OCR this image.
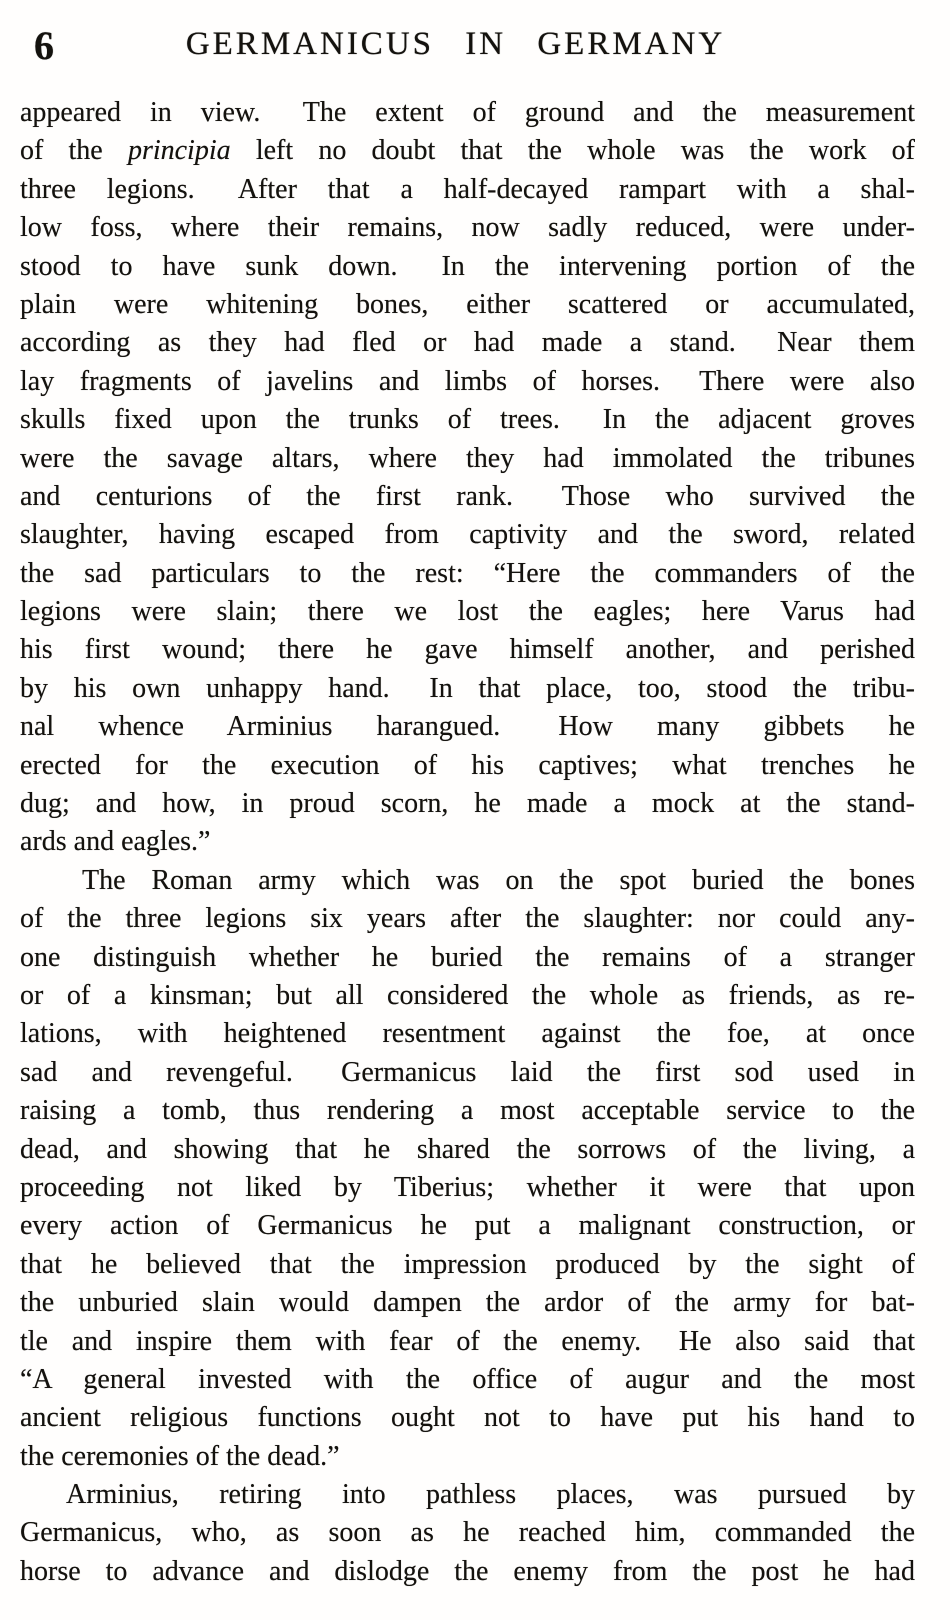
6	GERMANICUS IN GERMANY
appeared in view.  The extent of ground and the measurement
of the principia left no doubt that the whole was the work of
three legions.  After that a half-decayed rampart with a shal-
low foss, where their remains, now sadly reduced, were under-
stood to have sunk down.  In the intervening portion of the
plain were whitening bones, either scattered or accumulated,
according as they had fled or had made a stand.  Near them
lay fragments of javelins and limbs of horses.  There were also
skulls fixed upon the trunks of trees.  In the adjacent groves
were the savage altars, where they had immolated the tribunes
and centurions of the first rank.  Those who survived the
slaughter, having escaped from captivity and the sword, related
the sad particulars to the rest: “Here the commanders of the
legions were slain; there we lost the eagles; here Varus had
his first wound; there he gave himself another, and perished
by his own unhappy hand.  In that place, too, stood the tribu-
nal whence Arminius harangued.  How many gibbets he
erected for the execution of his captives; what trenches he
dug; and how, in proud scorn, he made a mock at the stand-
ards and eagles.”
The Roman army which was on the spot buried the bones
of the three legions six years after the slaughter: nor could any-
one distinguish whether he buried the remains of a stranger
or of a kinsman; but all considered the whole as friends, as re-
lations, with heightened resentment against the foe, at once
sad and revengeful.  Germanicus laid the first sod used in
raising a tomb, thus rendering a most acceptable service to the
dead, and showing that he shared the sorrows of the living, a
proceeding not liked by Tiberius; whether it were that upon
every action of Germanicus he put a malignant construction, or
that he believed that the impression produced by the sight of
the unburied slain would dampen the ardor of the army for bat-
tle and inspire them with fear of the enemy.  He also said that
“A general invested with the office of augur and the most
ancient religious functions ought not to have put his hand to
the ceremonies of the dead.”
Arminius, retiring into pathless places, was pursued by
Germanicus, who, as soon as he reached him, commanded the
horse to advance and dislodge the enemy from the post he had
